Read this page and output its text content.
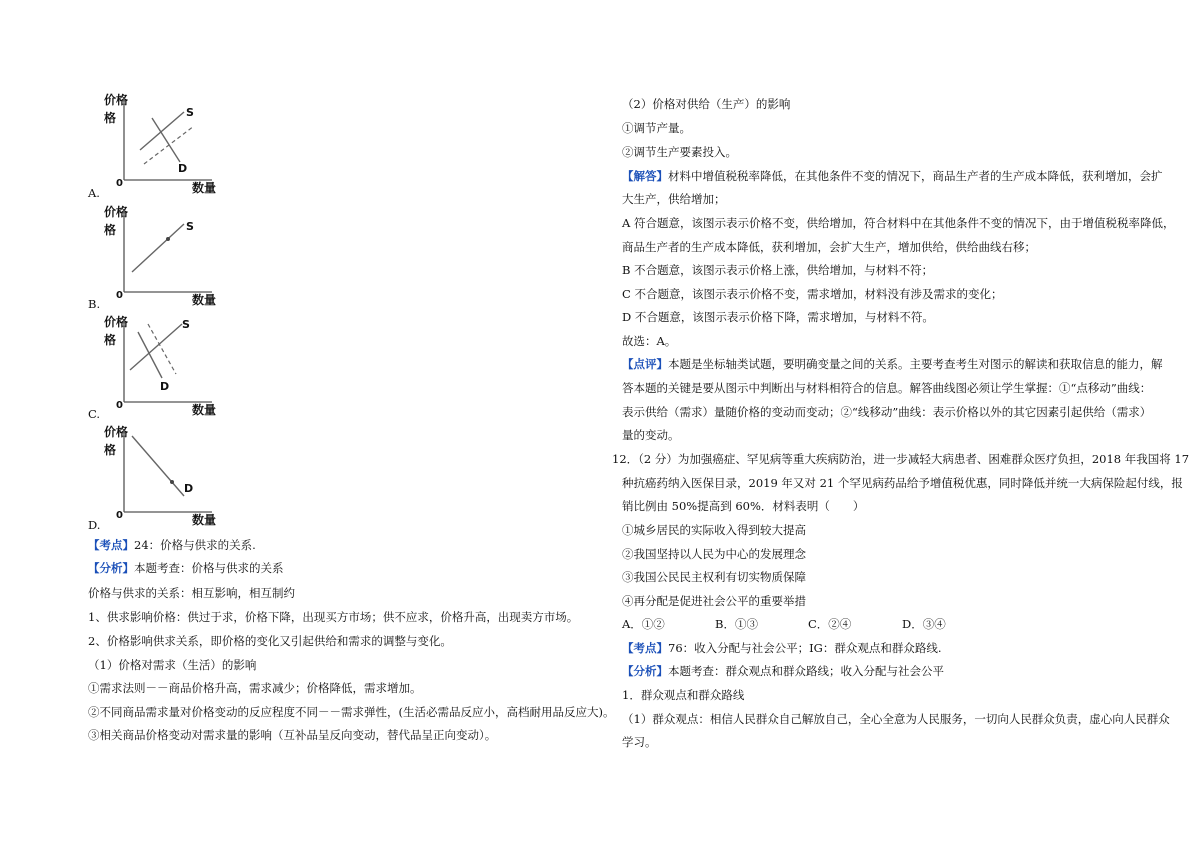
价格
格
0	数量
S
D
A.
价格
格
0	数量
S
B.
价格
格
0	数量
S
D
C.
价格
格
0	数量
D
D.
【考点】24：价格与供求的关系.
【分析】本题考查：价格与供求的关系
价格与供求的关系：相互影响，相互制约
1、供求影响价格：供过于求，价格下降，出现买方市场；供不应求，价格升高，出现卖方市场。
2、价格影响供求关系，即价格的变化又引起供给和需求的调整与变化。
（1）价格对需求（生活）的影响
①需求法则－－商品价格升高，需求减少；价格降低，需求增加。
②不同商品需求量对价格变动的反应程度不同－－需求弹性，(生活必需品反应小，高档耐用品反应大)。
③相关商品价格变动对需求量的影响（互补品呈反向变动，替代品呈正向变动）。
（2）价格对供给（生产）的影响
①调节产量。
②调节生产要素投入。
【解答】材料中增值税税率降低，在其他条件不变的情况下，商品生产者的生产成本降低，获利增加，会扩
大生产，供给增加；
A 符合题意，该图示表示价格不变，供给增加，符合材料中在其他条件不变的情况下，由于增值税税率降低，
商品生产者的生产成本降低，获利增加，会扩大生产，增加供给，供给曲线右移；
B 不合题意，该图示表示价格上涨，供给增加，与材料不符；
C 不合题意，该图示表示价格不变，需求增加，材料没有涉及需求的变化；
D 不合题意，该图示表示价格下降，需求增加，与材料不符。
故选：A。
【点评】本题是坐标轴类试题，要明确变量之间的关系。主要考查考生对图示的解读和获取信息的能力，解
答本题的关键是要从图示中判断出与材料相符合的信息。解答曲线图必须让学生掌握：①“点移动”曲线：
表示供给（需求）量随价格的变动而变动；②“线移动”曲线：表示价格以外的其它因素引起供给（需求）
量的变动。
12．（2 分）为加强癌症、罕见病等重大疾病防治，进一步减轻大病患者、困难群众医疗负担，2018 年我国将 17
种抗癌药纳入医保目录，2019 年又对 21 个罕见病药品给予增值税优惠，同时降低并统一大病保险起付线，报
销比例由 50%提高到 60%．材料表明（　　）
①城乡居民的实际收入得到较大提高
②我国坚持以人民为中心的发展理念
③我国公民民主权利有切实物质保障
④再分配是促进社会公平的重要举措
A．①②	B．①③	C．②④	D．③④
【考点】76：收入分配与社会公平；IG：群众观点和群众路线.
【分析】本题考查：群众观点和群众路线；收入分配与社会公平
1．群众观点和群众路线
（1）群众观点：相信人民群众自己解放自己，全心全意为人民服务，一切向人民群众负责，虚心向人民群众
学习。
